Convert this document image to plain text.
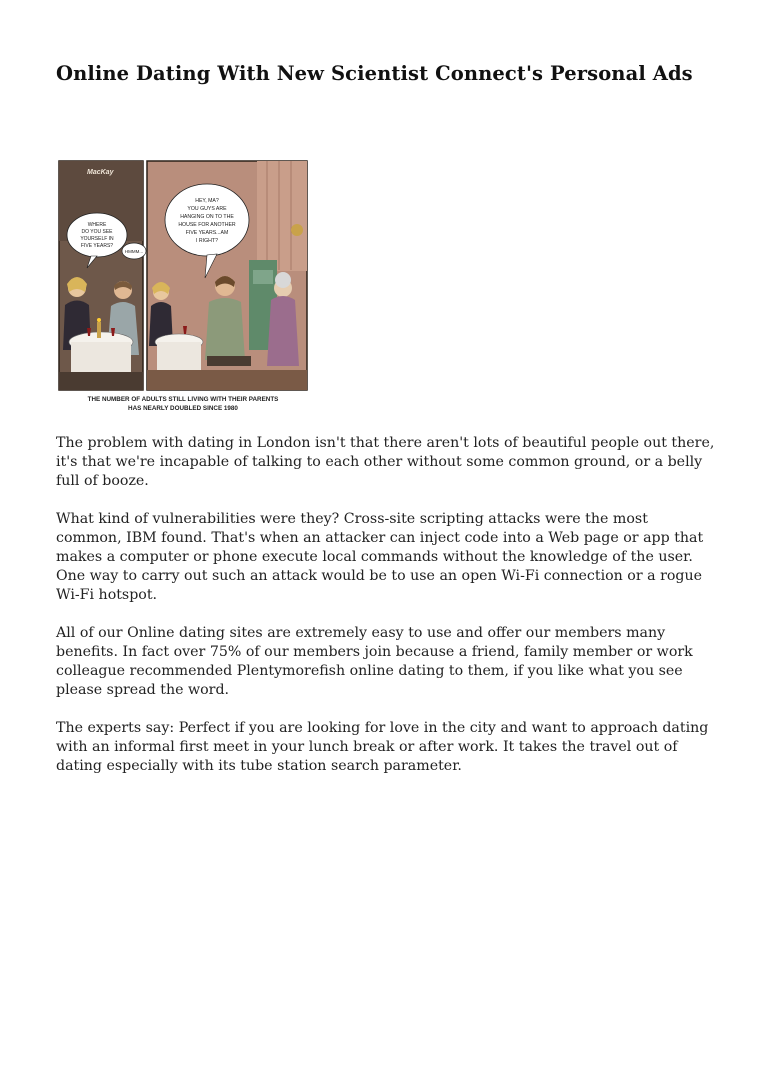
Online Dating With New Scientist Connect's Personal Ads
MacKay
WHERE
DO YOU SEE
YOURSELF IN
FIVE YEARS?
HMMM...
HEY, MA?
YOU GUYS ARE
HANGING ON TO THE
HOUSE FOR ANOTHER
FIVE YEARS...AM
I RIGHT?
THE NUMBER OF ADULTS STILL LIVING WITH THEIR PARENTS
HAS NEARLY DOUBLED SINCE 1980

The problem with dating in London isn't that there aren't lots of beautiful people out there, it's that we're incapable of talking to each other without some common ground, or a belly full of booze.

What kind of vulnerabilities were they? Cross-site scripting attacks were the most common, IBM found. That's when an attacker can inject code into a Web page or app that makes a computer or phone execute local commands without the knowledge of the user. One way to carry out such an attack would be to use an open Wi-Fi connection or a rogue Wi-Fi hotspot.

All of our Online dating sites are extremely easy to use and offer our members many benefits. In fact over 75% of our members join because a friend, family member or work colleague recommended Plentymorefish online dating to them, if you like what you see please spread the word.

The experts say: Perfect if you are looking for love in the city and want to approach dating with an informal first meet in your lunch break or after work. It takes the travel out of dating especially with its tube station search parameter.
